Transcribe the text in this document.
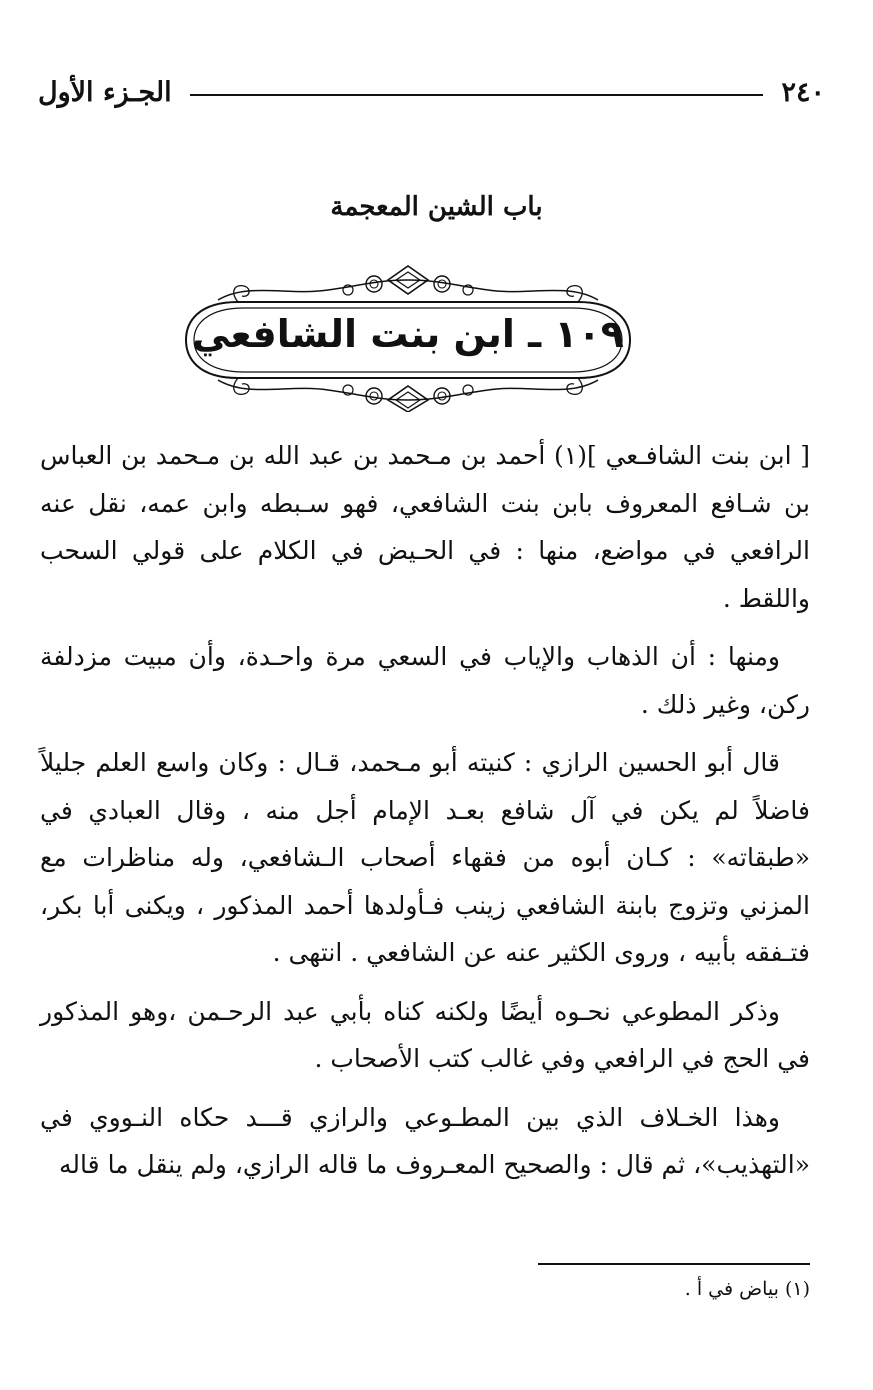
٢٤٠
الجـزء الأول
باب الشين المعجمة
١٠٩ ـ ابن بنت الشافعي

[ ابن بنت الشافـعي ](١) أحمد بن مـحمد بن عبد الله بن مـحمد بن العباس بن شـافع المعروف بابن بنت الشافعي، فهو سـبطه وابن عمه، نقل عنه الرافعي في مواضع، منها : في الحـيض في الكلام على قولي السحب واللقط .

ومنها : أن الذهاب والإياب في السعي مرة واحـدة، وأن مبيت مزدلفة ركن، وغير ذلك .

قال أبو الحسين الرازي : كنيته أبو مـحمد، قـال : وكان واسع العلم جليلاً فاضلاً لم يكن في آل شافع بعـد الإمام أجل منه ، وقال العبادي في «طبقاته» : كـان أبوه من فقهاء أصحاب الـشافعي، وله مناظرات مع المزني وتزوج بابنة الشافعي زينب فـأولدها أحمد المذكور ، ويكنى أبا بكر، فتـفقه بأبيه ، وروى الكثير عنه عن الشافعي . انتهى .

وذكر المطوعي نحـوه أيضًا ولكنه كناه بأبي عبد الرحـمن ،وهو المذكور في الحج في الرافعي وفي غالب كتب الأصحاب .

وهذا الخـلاف الذي بين المطـوعي والرازي قـــد حكاه النـووي في «التهذيب»، ثم قال : والصحيح المعـروف ما قاله الرازي، ولم ينقل ما قاله

(١) بياض في أ .
